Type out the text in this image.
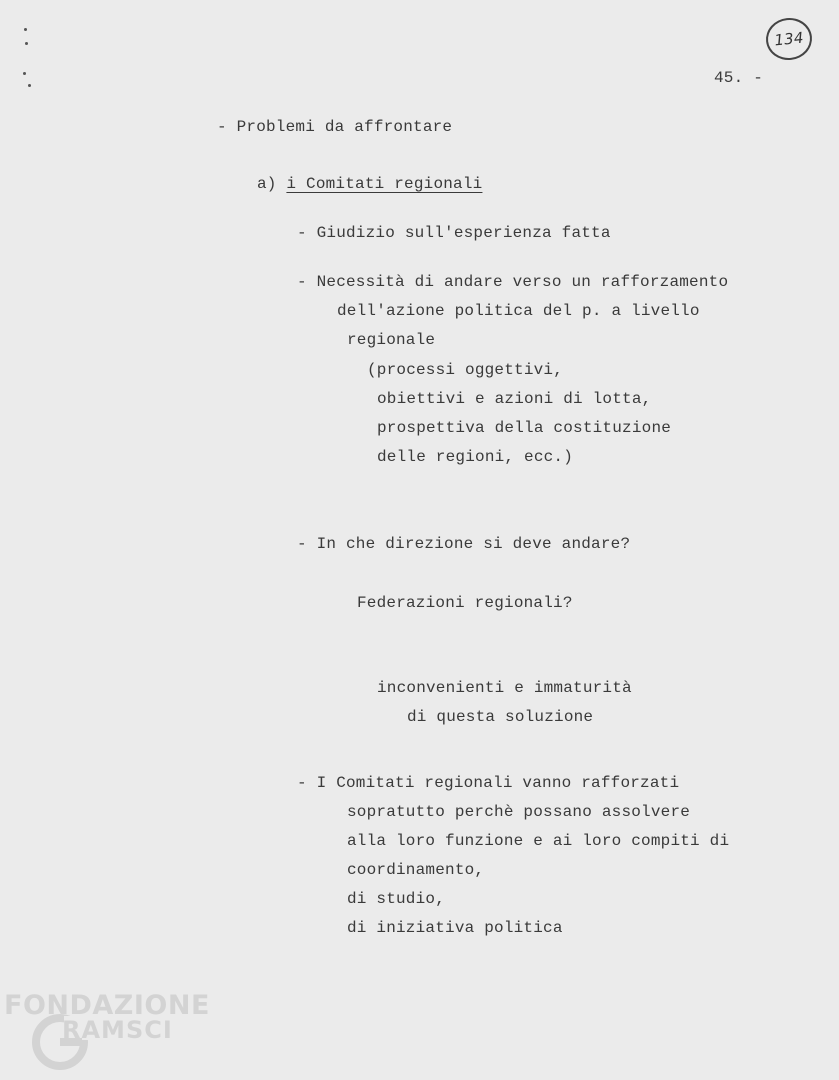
134
45. -
- Problemi da affrontare
a) i Comitati regionali
- Giudizio sull'esperienza fatta
- Necessità di andare verso un rafforzamento
dell'azione politica del p. a livello
regionale
(processi oggettivi,
obiettivi e azioni di lotta,
prospettiva della costituzione
delle regioni, ecc.)
- In che direzione si deve andare?
Federazioni regionali?
inconvenienti e immaturità
di questa soluzione
- I Comitati regionali vanno rafforzati
sopratutto perchè possano assolvere
alla loro funzione e ai loro compiti di
coordinamento,
di studio,
di iniziativa politica
FONDAZIONE
RAMSCI
